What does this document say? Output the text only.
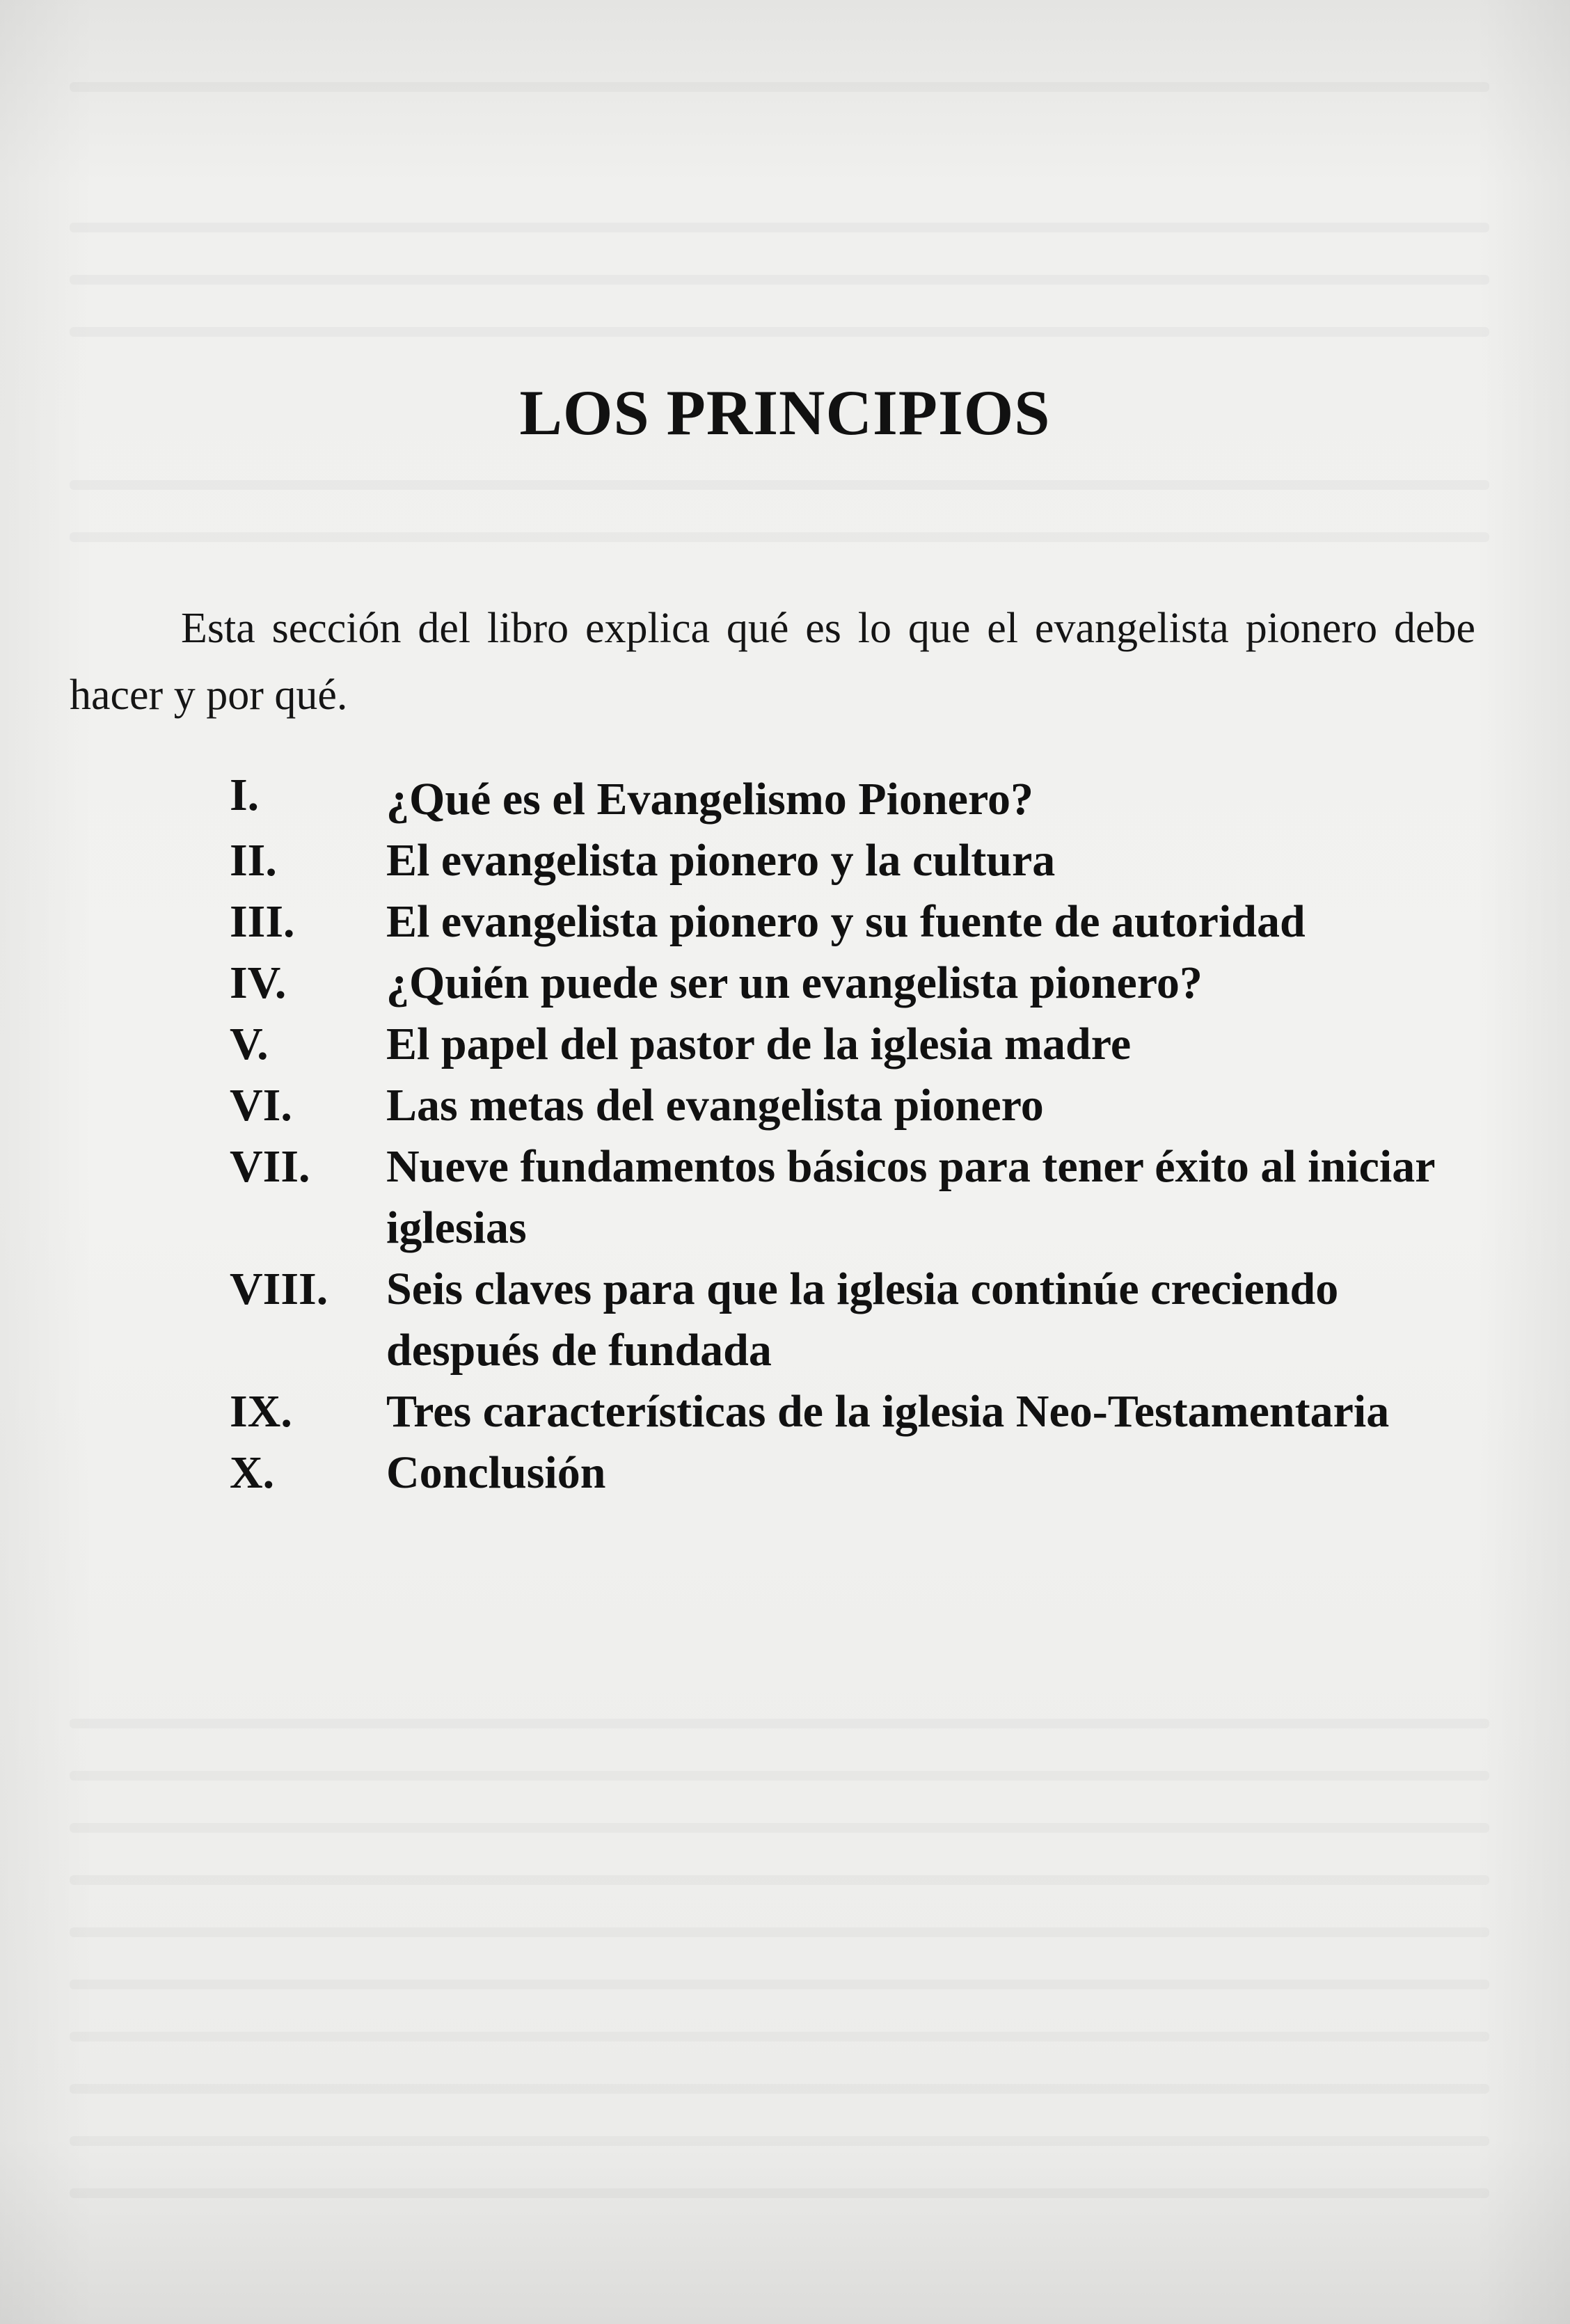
LOS PRINCIPIOS

Esta sección del libro explica qué es lo que el evangelista pionero debe hacer y por qué.

I.	¿Qué es el Evangelismo Pionero?
II.	El evangelista pionero y la cultura
III.	El evangelista pionero y su fuente de autoridad
IV.	¿Quién puede ser un evangelista pionero?
V.	El papel del pastor de la iglesia madre
VI.	Las metas del evangelista pionero
VII.	Nueve fundamentos básicos para tener éxito al iniciar iglesias
VIII.	Seis claves para que la iglesia continúe creciendo después de fundada
IX.	Tres características de la iglesia Neo-Testamentaria
X.	Conclusión
